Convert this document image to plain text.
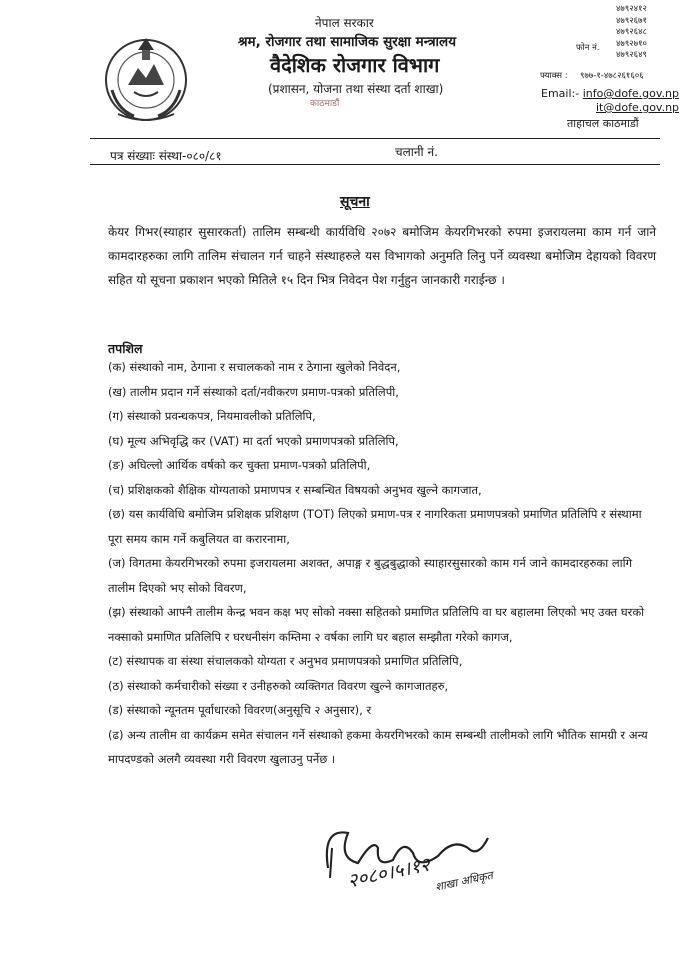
नेपाल सरकार
श्रम, रोजगार तथा सामाजिक सुरक्षा मन्त्रालय
वैदेशिक रोजगार विभाग
(प्रशासन, योजना तथा संस्था दर्ता शाखा)
काठमाडौं
४७९२४१२
४७९२६७१
४७९२६४८
४७९२७१०
४७९२६४९
फोन नं.
फ्याक्स : ९७७-१-४७८२६१६०६
Email:- info@dofe.gov.np
it@dofe.gov.np
ताहाचल काठमाडौं
चलानी नं.
पत्र संख्याः संस्था-०८०/८१
सूचना
केयर गिभर(स्याहार सुसारकर्ता) तालिम सम्बन्धी कार्यविधि २०७२ बमोजिम केयरगिभरको रुपमा इजरायलमा काम गर्न जाने कामदारहरुका लागि तालिम संचालन गर्न चाहने संस्थाहरुले यस विभागको अनुमति लिनु पर्ने व्यवस्था बमोजिम देहायको विवरण सहित यो सूचना प्रकाशन भएको मितिले १५ दिन भित्र निवेदन पेश गर्नुहुन जानकारी गराईन्छ ।
तपशिल
(क) संस्थाको नाम, ठेगाना र सचालकको नाम र ठेगाना खुलेको निवेदन,
(ख) तालीम प्रदान गर्ने संस्थाको दर्ता/नवीकरण प्रमाण-पत्रको प्रतिलिपी,
(ग) संस्थाको प्रवन्धकपत्र, नियमावलीको प्रतिलिपि,
(घ) मूल्य अभिवृद्धि कर (VAT) मा दर्ता भएको प्रमाणपत्रको प्रतिलिपि,
(ङ) अघिल्लो आर्थिक वर्षको कर चुक्ता प्रमाण-पत्रको प्रतिलिपी,
(च) प्रशिक्षकको शैक्षिक योग्यताको प्रमाणपत्र र सम्बन्धित विषयको अनुभव खुल्ने कागजात,
(छ) यस कार्यविधि बमोजिम प्रशिक्षक प्रशिक्षण (TOT) लिएको प्रमाण-पत्र र नागरिकता प्रमाणपत्रको प्रमाणित प्रतिलिपि र संस्थामा पूरा समय काम गर्ने कबुलियत वा करारनामा,
(ज) विगतमा केयरगिभरको रुपमा इजरायलमा अशक्त, अपाङ्ग र बुद्धबुद्धाको स्याहारसुसारको काम गर्न जाने कामदारहरुका लागि तालीम दिएको भए सोको विवरण,
(झ) संस्थाको आफ्नै तालीम केन्द्र भवन कक्ष भए सोको नक्सा सहितको प्रमाणित प्रतिलिपि वा घर बहालमा लिएको भए उक्त घरको नक्साको प्रमाणित प्रतिलिपि र घरधनीसंग कम्तिमा २ वर्षका लागि घर बहाल सम्झौता गरेको कागज,
(ट) संस्थापक वा संस्था संचालकको योग्यता र अनुभव प्रमाणपत्रको प्रमाणित प्रतिलिपि,
(ठ) संस्थाको कर्मचारीको संख्या र उनीहरुको व्यक्तिगत विवरण खुल्ने कागजातहरु,
(ड) संस्थाको न्यूनतम पूर्वाधारको विवरण(अनुसूचि २ अनुसार), र
(ढ) अन्य तालीम वा कार्यक्रम समेत संचालन गर्ने संस्थाको हकमा केयरगिभरको काम सम्बन्धी तालीमको लागि भौतिक सामग्री र अन्य मापदण्डको अलगै व्यवस्था गरी विवरण खुलाउनु पर्नेछ ।
२०८०।५।१२ शाखा अधिकृत
